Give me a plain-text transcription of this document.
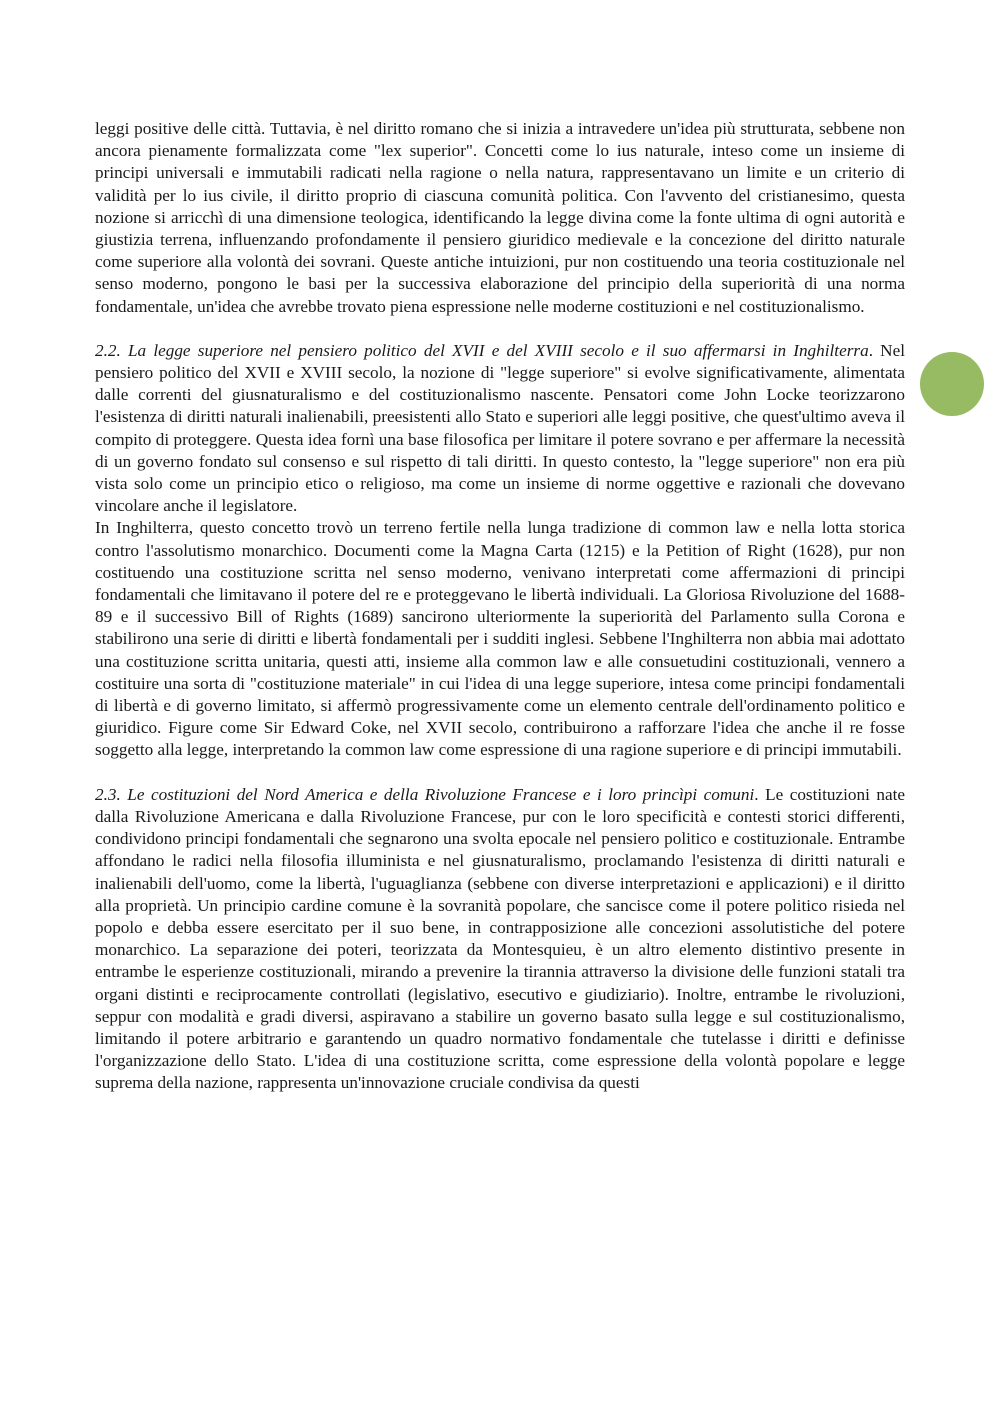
leggi positive delle città. Tuttavia, è nel diritto romano che si inizia a intravedere un'idea più strutturata, sebbene non ancora pienamente formalizzata come "lex superior". Concetti come lo ius naturale, inteso come un insieme di principi universali e immutabili radicati nella ragione o nella natura, rappresentavano un limite e un criterio di validità per lo ius civile, il diritto proprio di ciascuna comunità politica. Con l'avvento del cristianesimo, questa nozione si arricchì di una dimensione teologica, identificando la legge divina come la fonte ultima di ogni autorità e giustizia terrena, influenzando profondamente il pensiero giuridico medievale e la concezione del diritto naturale come superiore alla volontà dei sovrani. Queste antiche intuizioni, pur non costituendo una teoria costituzionale nel senso moderno, pongono le basi per la successiva elaborazione del principio della superiorità di una norma fondamentale, un'idea che avrebbe trovato piena espressione nelle moderne costituzioni e nel costituzionalismo.

2.2. La legge superiore nel pensiero politico del XVII e del XVIII secolo e il suo affermarsi in Inghilterra. Nel pensiero politico del XVII e XVIII secolo, la nozione di "legge superiore" si evolve significativamente, alimentata dalle correnti del giusnaturalismo e del costituzionalismo nascente. Pensatori come John Locke teorizzarono l'esistenza di diritti naturali inalienabili, preesistenti allo Stato e superiori alle leggi positive, che quest'ultimo aveva il compito di proteggere. Questa idea fornì una base filosofica per limitare il potere sovrano e per affermare la necessità di un governo fondato sul consenso e sul rispetto di tali diritti. In questo contesto, la "legge superiore" non era più vista solo come un principio etico o religioso, ma come un insieme di norme oggettive e razionali che dovevano vincolare anche il legislatore.

In Inghilterra, questo concetto trovò un terreno fertile nella lunga tradizione di common law e nella lotta storica contro l'assolutismo monarchico. Documenti come la Magna Carta (1215) e la Petition of Right (1628), pur non costituendo una costituzione scritta nel senso moderno, venivano interpretati come affermazioni di principi fondamentali che limitavano il potere del re e proteggevano le libertà individuali. La Gloriosa Rivoluzione del 1688-89 e il successivo Bill of Rights (1689) sancirono ulteriormente la superiorità del Parlamento sulla Corona e stabilirono una serie di diritti e libertà fondamentali per i sudditi inglesi. Sebbene l'Inghilterra non abbia mai adottato una costituzione scritta unitaria, questi atti, insieme alla common law e alle consuetudini costituzionali, vennero a costituire una sorta di "costituzione materiale" in cui l'idea di una legge superiore, intesa come principi fondamentali di libertà e di governo limitato, si affermò progressivamente come un elemento centrale dell'ordinamento politico e giuridico. Figure come Sir Edward Coke, nel XVII secolo, contribuirono a rafforzare l'idea che anche il re fosse soggetto alla legge, interpretando la common law come espressione di una ragione superiore e di principi immutabili.

2.3. Le costituzioni del Nord America e della Rivoluzione Francese e i loro princìpi comuni. Le costituzioni nate dalla Rivoluzione Americana e dalla Rivoluzione Francese, pur con le loro specificità e contesti storici differenti, condividono principi fondamentali che segnarono una svolta epocale nel pensiero politico e costituzionale. Entrambe affondano le radici nella filosofia illuminista e nel giusnaturalismo, proclamando l'esistenza di diritti naturali e inalienabili dell'uomo, come la libertà, l'uguaglianza (sebbene con diverse interpretazioni e applicazioni) e il diritto alla proprietà. Un principio cardine comune è la sovranità popolare, che sancisce come il potere politico risieda nel popolo e debba essere esercitato per il suo bene, in contrapposizione alle concezioni assolutistiche del potere monarchico. La separazione dei poteri, teorizzata da Montesquieu, è un altro elemento distintivo presente in entrambe le esperienze costituzionali, mirando a prevenire la tirannia attraverso la divisione delle funzioni statali tra organi distinti e reciprocamente controllati (legislativo, esecutivo e giudiziario). Inoltre, entrambe le rivoluzioni, seppur con modalità e gradi diversi, aspiravano a stabilire un governo basato sulla legge e sul costituzionalismo, limitando il potere arbitrario e garantendo un quadro normativo fondamentale che tutelasse i diritti e definisse l'organizzazione dello Stato. L'idea di una costituzione scritta, come espressione della volontà popolare e legge suprema della nazione, rappresenta un'innovazione cruciale condivisa da questi
